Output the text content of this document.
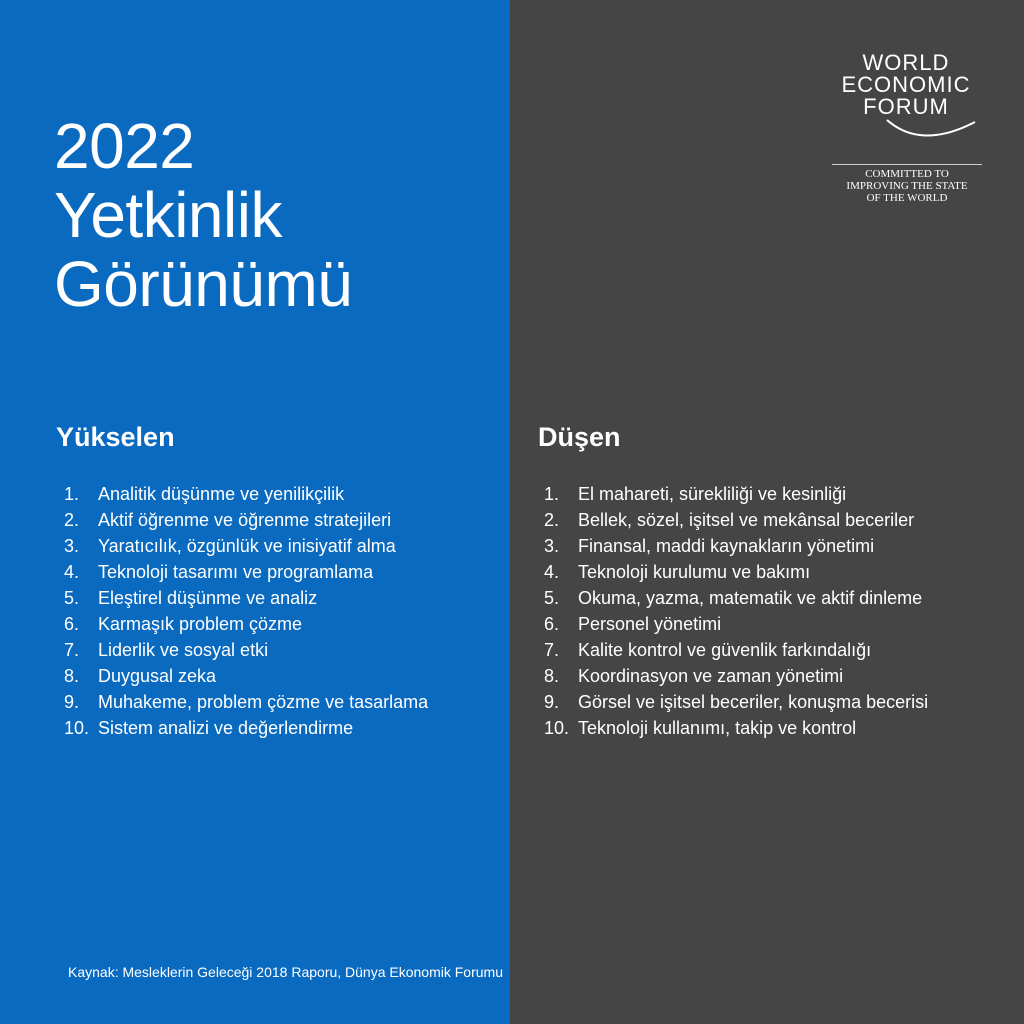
2022
Yetkinlik
Görünümü
WORLD
ECONOMIC
FORUM
COMMITTED TO
IMPROVING THE STATE
OF THE WORLD
Yükselen	Düşen
1.	Analitik düşünme ve yenilikçilik
2.	Aktif öğrenme ve öğrenme stratejileri
3.	Yaratıcılık, özgünlük ve inisiyatif alma
4.	Teknoloji tasarımı ve programlama
5.	Eleştirel düşünme ve analiz
6.	Karmaşık problem çözme
7.	Liderlik ve sosyal etki
8.	Duygusal zeka
9.	Muhakeme, problem çözme ve tasarlama
10. Sistem analizi ve değerlendirme
1.	El mahareti, sürekliliği ve kesinliği
2.	Bellek, sözel, işitsel ve mekânsal beceriler
3.	Finansal, maddi kaynakların yönetimi
4.	Teknoloji kurulumu ve bakımı
5.	Okuma, yazma, matematik ve aktif dinleme
6.	Personel yönetimi
7.	Kalite kontrol ve güvenlik farkındalığı
8.	Koordinasyon ve zaman yönetimi
9.	Görsel ve işitsel beceriler, konuşma becerisi
10. Teknoloji kullanımı, takip ve kontrol

Kaynak: Mesleklerin Geleceği 2018 Raporu, Dünya Ekonomik Forumu
